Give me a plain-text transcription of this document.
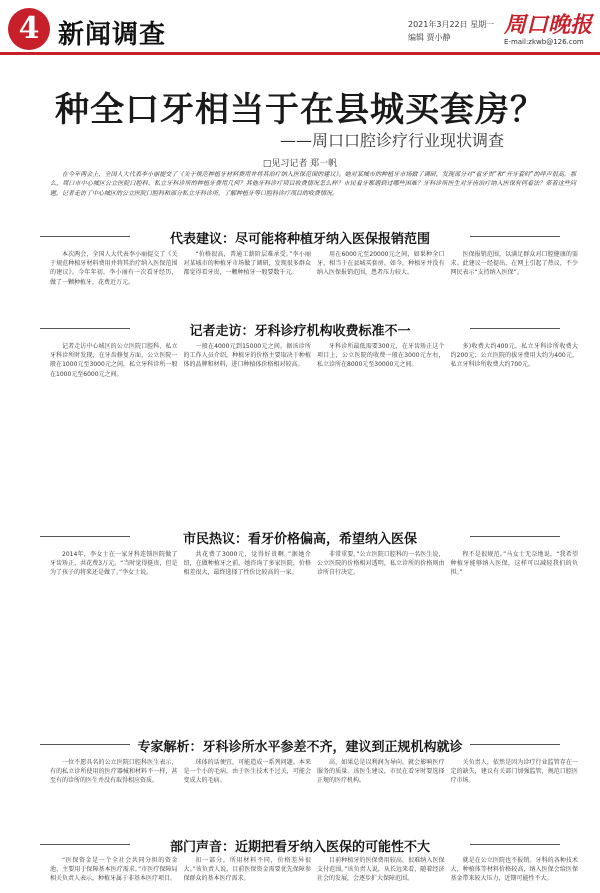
4 新闻调查	2021年3月22日 星期一
编辑 贾小静	周口晚报
E-mail:zkwb@126.com
种全口牙相当于在县城买套房？
——周口口腔诊疗行业现状调查
□见习记者 郑一帆
在今年两会上，全国人大代表李小丽提交了《关于规范种植牙材料费用并将其治疗纳入医保范围的建议》。她对某城市的种植牙市场做了调研，发现部分对“看牙贵”和“开牙套时”的呼声很高。那么，周口市中心城区公立医院口腔科、私立牙科诊所的种植牙费用几何？其他牙科诊疗项目收费情况怎么样？市民看牙都遇到过哪些困难？牙科诊所医生对牙齿治疗纳入医保有何看法？带着这些问题，记者走访了中心城区的公立医院口腔科和部分私立牙科诊所，了解种植牙等口腔科诊疗项目的收费情况。
代表建议：尽可能将种植牙纳入医保报销范围

本次两会，全国人大代表李小丽提交了《关于规范种植牙材料费用并将其治疗纳入医保范围的建议》。今年年初，李小丽有一次看牙经历，做了一颗种植牙，花费近万元。

“价格很高，普通工薪阶层难承受。”李小丽对某城市的种植牙市场做了调研，发现很多群众都觉得看牙贵，一颗种植牙一般要数千元。

用在6000元至20000元之间，如果种全口牙，相当于在县城买套房。如今，种植牙并没有纳入医保报销范围，患者压力较大。

医保报销范围，以满足群众对口腔健康的需求。此建议一经提出，在网上引起了热议，不少网民表示“支持纳入医保”。

记者走访：牙科诊疗机构收费标准不一

记者走访中心城区的公立医院口腔科、私立牙科诊所时发现，在牙齿修复方面，公立医院一般在1000元至3000元之间，私立牙科诊所一般在1000元至6000元之间。

一般在4000元到15000元之间。据该诊所的工作人员介绍，种植牙的价格主要取决于种植体的品牌和材料，进口种植体价格相对较高。

牙科诊所最低需要300元，在牙齿矫正这个项目上，公立医院的收费一般在3000元左右，私立诊所在8000元至30000元之间。

多)收费大约400元，私立牙科诊所收费大约200元；公立医院的拔牙费用大约为400元，私立牙科诊所收费大约700元。

市民热议：看牙价格偏高，希望纳入医保

2014年，李女士在一家牙科连锁医院做了牙齿矫正，共花费3万元。“当时觉得挺贵，但是为了孩子的将来还是做了。”李女士说。

共花费了3000元，觉得好贵啊。”据她介绍，在做种植牙之前，她咨询了多家医院，价格相差很大，最终选择了性价比较高的一家。

非常重要。”公立医院口腔科的一名医生说，公立医院的价格相对透明，私立诊所的价格则由诊所自行决定。

程不是很规范。”马女士无奈地说，“我希望种植牙能够纳入医保，这样可以减轻我们的负担。”

专家解析：牙科诊所水平参差不齐，建议到正规机构就诊

一位不愿具名的公立医院口腔科医生表示，有的私立诊所使用的医疗器械和材料不一样，甚至有的诊所的医生并没有取得相应资质。

球体的话便宜，可能造成一系列问题。本来是一个小的毛病，由于医生技术不过关，可能会变成大的毛病。

高，如果总是以利润为导向，就会影响医疗服务的质量。该医生建议，市民在看牙时要选择正规的医疗机构。

关负责人，依然是因为诊疗行业监管存在一定的缺失，建议有关部门加强监管，规范口腔医疗市场。

部门声音：近期把看牙纳入医保的可能性不大

“医保资金是一个全社会共同分担的资金池，主要用于保障基本医疗需求。”市医疗保障局相关负责人表示，种植牙属于非基本医疗项目。

扣一部分。所用材料不同，价格差异很大。”该负责人说，目前医保资金需要优先保障参保群众的基本医疗需求。

目前种植牙的医保费用较高，很难纳入医保支付范围。”该负责人说，从长远来看，随着经济社会的发展，会逐步扩大保障范围。

就是在公立医院也不报销。牙科的各种技术大，种植体等材料价格较高，纳入医保会给医保基金带来较大压力，近期可能性不大。
